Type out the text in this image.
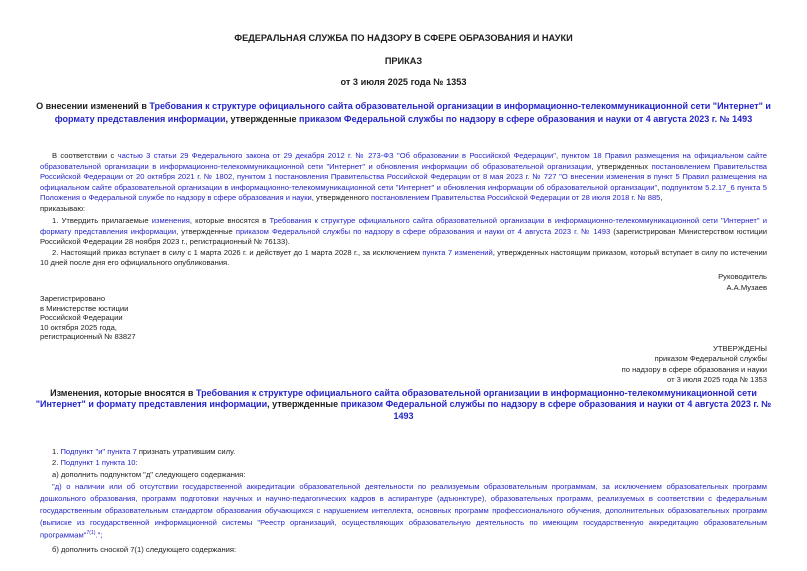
ФЕДЕРАЛЬНАЯ СЛУЖБА ПО НАДЗОРУ В СФЕРЕ ОБРАЗОВАНИЯ И НАУКИ
ПРИКАЗ
от 3 июля 2025 года № 1353
О внесении изменений в Требования к структуре официального сайта образовательной организации в информационно-телекоммуникационной сети "Интернет" и формату представления информации, утвержденные приказом Федеральной службы по надзору в сфере образования и науки от 4 августа 2023 г. № 1493
В соответствии с частью 3 статьи 29 Федерального закона от 29 декабря 2012 г. № 273-ФЗ "Об образовании в Российской Федерации", пунктом 18 Правил размещения на официальном сайте образовательной организации в информационно-телекоммуникационной сети "Интернет" и обновления информации об образовательной организации, утвержденных постановлением Правительства Российской Федерации от 20 октября 2021 г. № 1802, пунктом 1 постановления Правительства Российской Федерации от 8 мая 2023 г. № 727 "О внесении изменения в пункт 5 Правил размещения на официальном сайте образовательной организации в информационно-телекоммуникационной сети "Интернет" и обновления информации об образовательной организации", подпунктом 5.2.17_6 пункта 5 Положения о Федеральной службе по надзору в сфере образования и науки, утвержденного постановлением Правительства Российской Федерации от 28 июля 2018 г. № 885,
приказываю:
1. Утвердить прилагаемые изменения, которые вносятся в Требования к структуре официального сайта образовательной организации в информационно-телекоммуникационной сети "Интернет" и формату представления информации, утвержденные приказом Федеральной службы по надзору в сфере образования и науки от 4 августа 2023 г. № 1493 (зарегистрирован Министерством юстиции Российской Федерации 28 ноября 2023 г., регистрационный № 76133).
2. Настоящий приказ вступает в силу с 1 марта 2026 г. и действует до 1 марта 2028 г., за исключением пункта 7 изменений, утвержденных настоящим приказом, который вступает в силу по истечении 10 дней после дня его официального опубликования.
Руководитель
А.А.Музаев
Зарегистрировано
в Министерстве юстиции
Российской Федерации
10 октября 2025 года,
регистрационный № 83827
УТВЕРЖДЕНЫ
приказом Федеральной службы
по надзору в сфере образования и науки
от 3 июля 2025 года № 1353
Изменения, которые вносятся в Требования к структуре официального сайта образовательной организации в информационно-телекоммуникационной сети "Интернет" и формату представления информации, утвержденные приказом Федеральной службы по надзору в сфере образования и науки от 4 августа 2023 г. № 1493
1. Подпункт "и" пункта 7 признать утратившим силу.
2. Подпункт 1 пункта 10:
а) дополнить подпунктом "д" следующего содержания:
"д) о наличии или об отсутствии государственной аккредитации образовательной деятельности по реализуемым образовательным программам, за исключением образовательных программ дошкольного образования, программ подготовки научных и научно-педагогических кадров в аспирантуре (адъюнктуре), образовательных программ, реализуемых в соответствии с федеральным государственным образовательным стандартом образования обучающихся с нарушением интеллекта, основных программ профессионального обучения, дополнительных образовательных программ (выписке из государственной информационной системы "Реестр организаций, осуществляющих образовательную деятельность по имеющим государственную аккредитацию образовательным программам"$^{7(1)}$.";
б) дополнить сноской 7(1) следующего содержания:
